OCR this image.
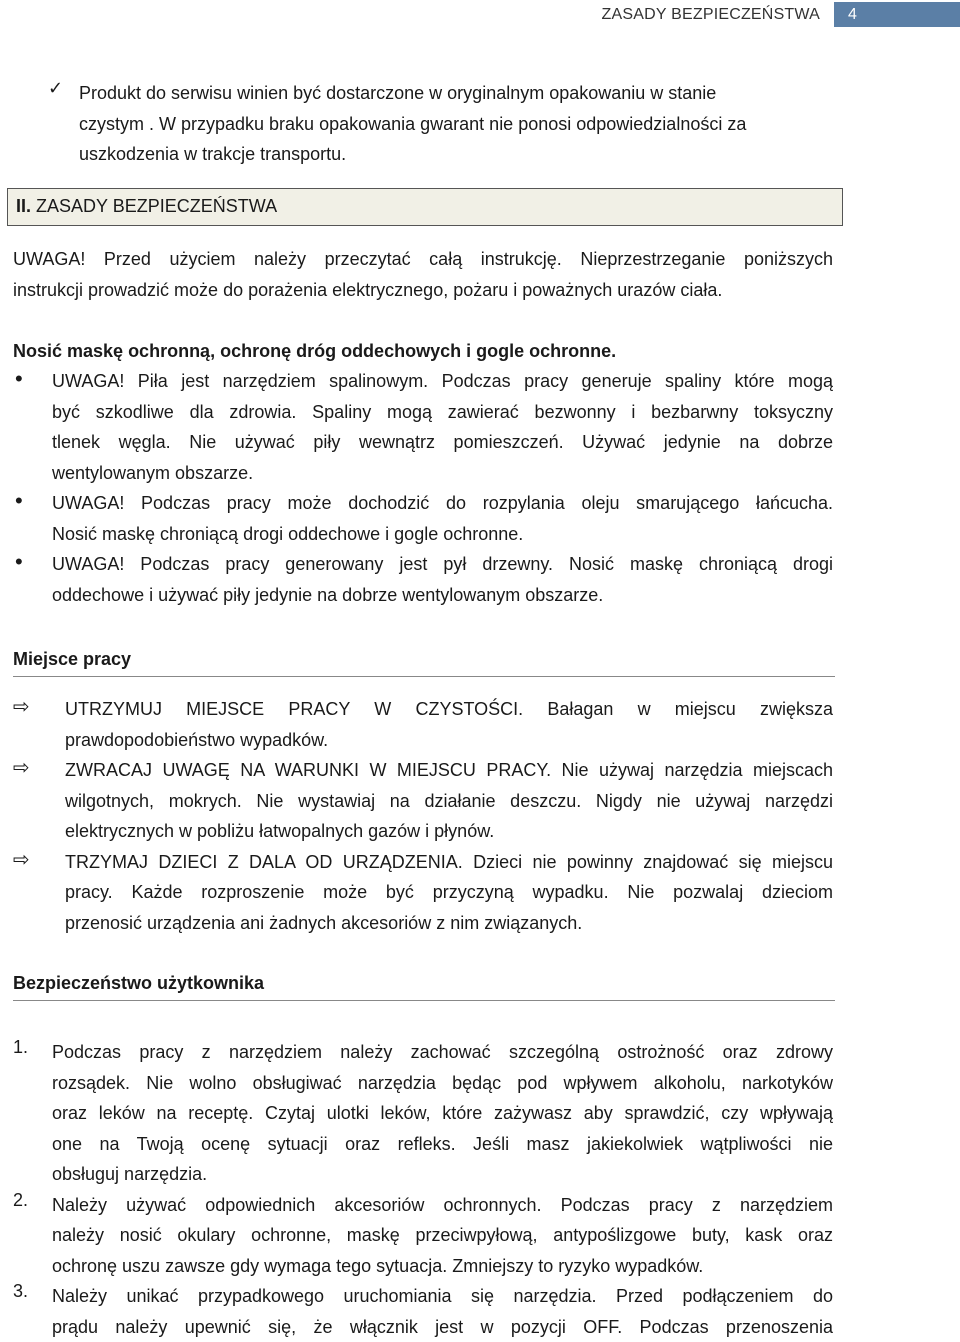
ZASADY BEZPIECZEŃSTWA	4
✓ Produkt do serwisu winien być dostarczone w oryginalnym opakowaniu w stanie
czystym . W przypadku braku opakowania gwarant nie ponosi odpowiedzialności za
uszkodzenia w trakcje transportu.
II. ZASADY BEZPIECZEŃSTWA
UWAGA! Przed użyciem należy przeczytać całą instrukcję. Nieprzestrzeganie poniższych
instrukcji prowadzić może do porażenia elektrycznego, pożaru i poważnych urazów ciała.
Nosić maskę ochronną, ochronę dróg oddechowych i gogle ochronne.
• UWAGA! Piła jest narzędziem spalinowym. Podczas pracy generuje spaliny które mogą
być szkodliwe dla zdrowia. Spaliny mogą zawierać bezwonny i bezbarwny toksyczny
tlenek węgla. Nie używać piły wewnątrz pomieszczeń. Używać jedynie na dobrze
wentylowanym obszarze.
• UWAGA! Podczas pracy może dochodzić do rozpylania oleju smarującego łańcucha.
Nosić maskę chroniącą drogi oddechowe i gogle ochronne.
• UWAGA! Podczas pracy generowany jest pył drzewny. Nosić maskę chroniącą drogi
oddechowe i używać piły jedynie na dobrze wentylowanym obszarze.
Miejsce pracy
⇨ UTRZYMUJ MIEJSCE PRACY W CZYSTOŚCI. Bałagan w miejscu zwiększa
prawdopodobieństwo wypadków.
⇨ ZWRACAJ UWAGĘ NA WARUNKI W MIEJSCU PRACY. Nie używaj narzędzia miejscach
wilgotnych, mokrych. Nie wystawiaj na działanie deszczu. Nigdy nie używaj narzędzi
elektrycznych w pobliżu łatwopalnych gazów i płynów.
⇨ TRZYMAJ DZIECI Z DALA OD URZĄDZENIA. Dzieci nie powinny znajdować się miejscu
pracy. Każde rozproszenie może być przyczyną wypadku. Nie pozwalaj dzieciom
przenosić urządzenia ani żadnych akcesoriów z nim związanych.
Bezpieczeństwo użytkownika
1. Podczas pracy z narzędziem należy zachować szczególną ostrożność oraz zdrowy
rozsądek. Nie wolno obsługiwać narzędzia będąc pod wpływem alkoholu, narkotyków
oraz leków na receptę. Czytaj ulotki leków, które zażywasz aby sprawdzić, czy wpływają
one na Twoją ocenę sytuacji oraz refleks. Jeśli masz jakiekolwiek wątpliwości nie
obsługuj narzędzia.
2. Należy używać odpowiednich akcesoriów ochronnych. Podczas pracy z narzędziem
należy nosić okulary ochronne, maskę przeciwpyłową, antypoślizgowe buty, kask oraz
ochronę uszu zawsze gdy wymaga tego sytuacja. Zmniejszy to ryzyko wypadków.
3. Należy unikać przypadkowego uruchomiania się narzędzia. Przed podłączeniem do
prądu należy upewnić się, że włącznik jest w pozycji OFF. Podczas przenoszenia
